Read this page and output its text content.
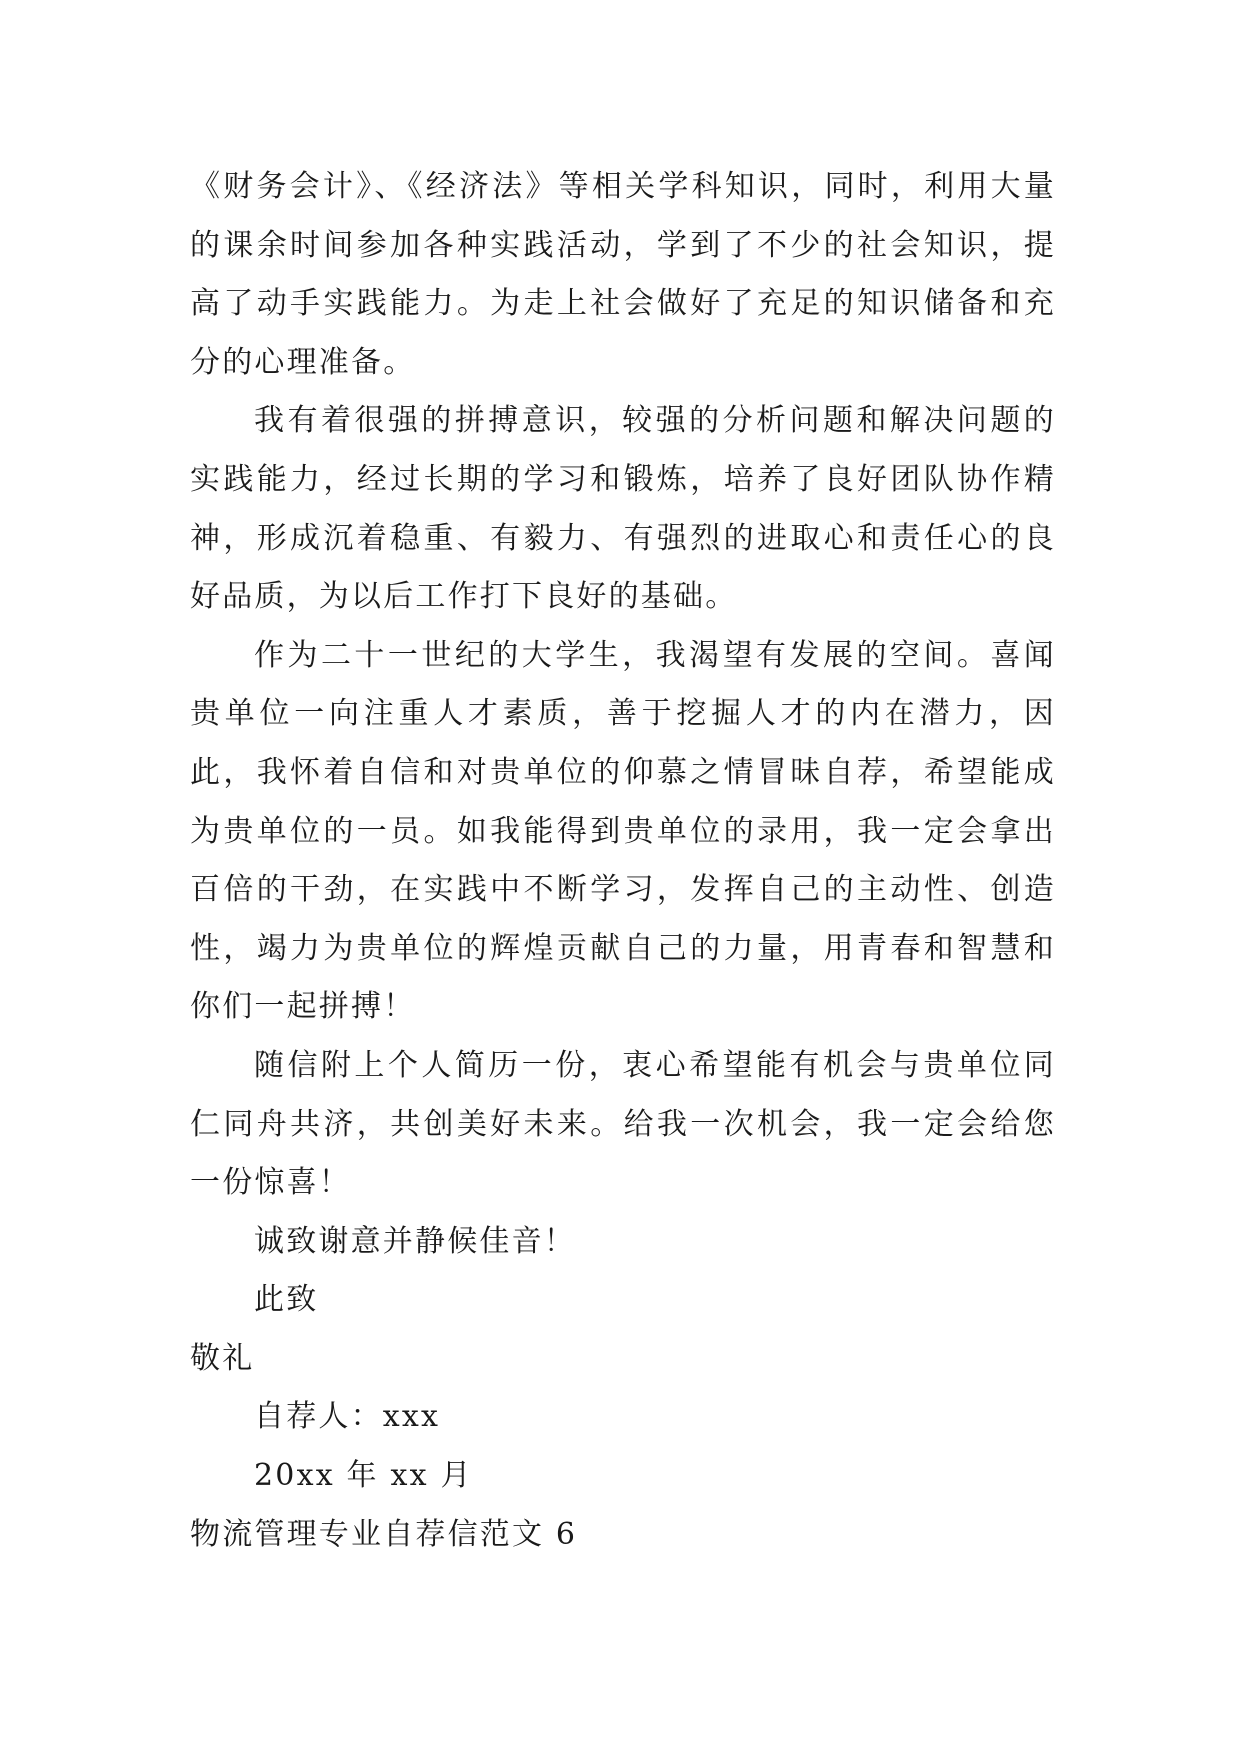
《财务会计》、《经济法》等相关学科知识，同时，利用大量的课余时间参加各种实践活动，学到了不少的社会知识，提高了动手实践能力。为走上社会做好了充足的知识储备和充分的心理准备。

我有着很强的拼搏意识，较强的分析问题和解决问题的实践能力，经过长期的学习和锻炼，培养了良好团队协作精神，形成沉着稳重、有毅力、有强烈的进取心和责任心的良好品质，为以后工作打下良好的基础。

作为二十一世纪的大学生，我渴望有发展的空间。喜闻贵单位一向注重人才素质，善于挖掘人才的内在潜力，因此，我怀着自信和对贵单位的仰慕之情冒昧自荐，希望能成为贵单位的一员。如我能得到贵单位的录用，我一定会拿出百倍的干劲，在实践中不断学习，发挥自己的主动性、创造性，竭力为贵单位的辉煌贡献自己的力量，用青春和智慧和你们一起拼搏！

随信附上个人简历一份，衷心希望能有机会与贵单位同仁同舟共济，共创美好未来。给我一次机会，我一定会给您一份惊喜！

诚致谢意并静候佳音！

此致

敬礼

自荐人：xxx

20xx 年 xx 月

物流管理专业自荐信范文 6
